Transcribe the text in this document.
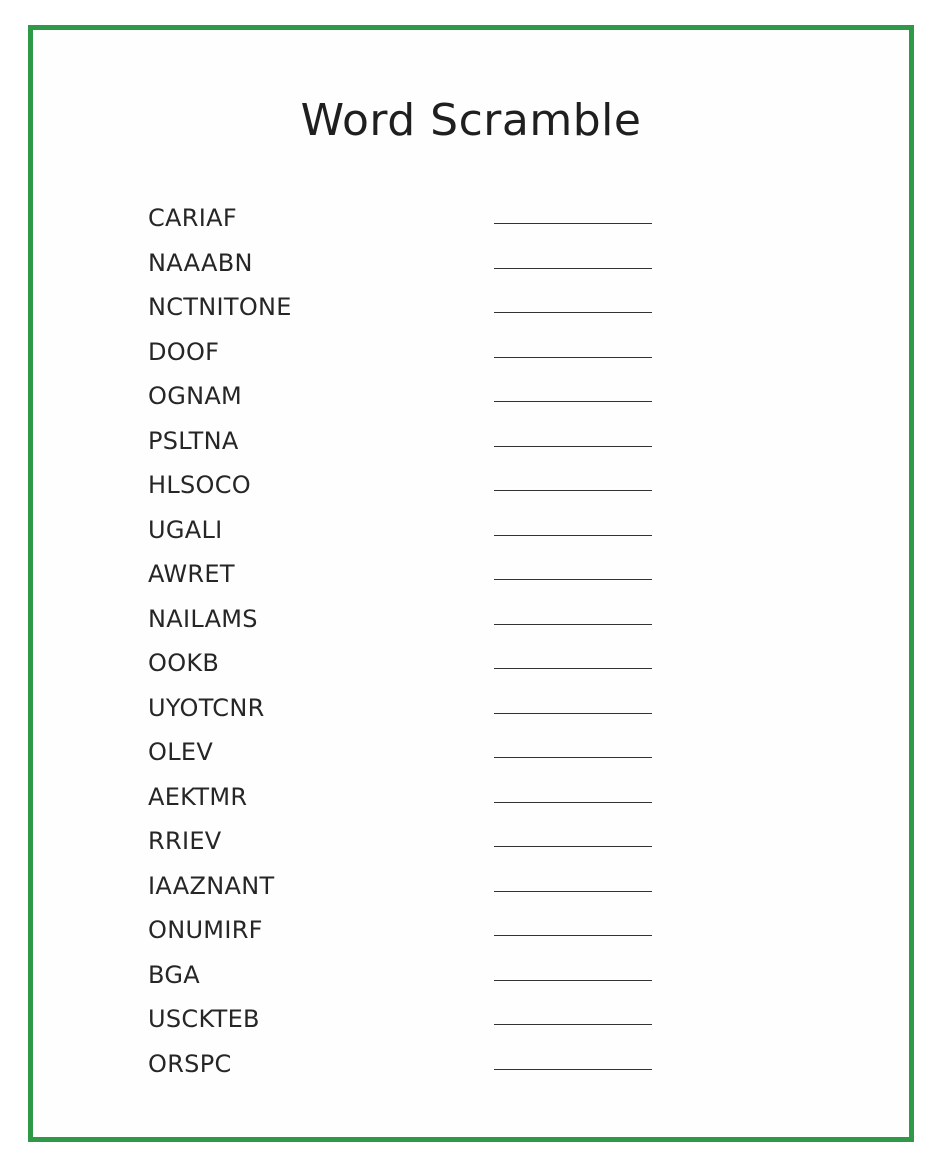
Word Scramble
CARIAF
NAAABN
NCTNITONE
DOOF
OGNAM
PSLTNA
HLSOCO
UGALI
AWRET
NAILAMS
OOKB
UYOTCNR
OLEV
AEKTMR
RRIEV
IAAZNANT
ONUMIRF
BGA
USCKTEB
ORSPC
